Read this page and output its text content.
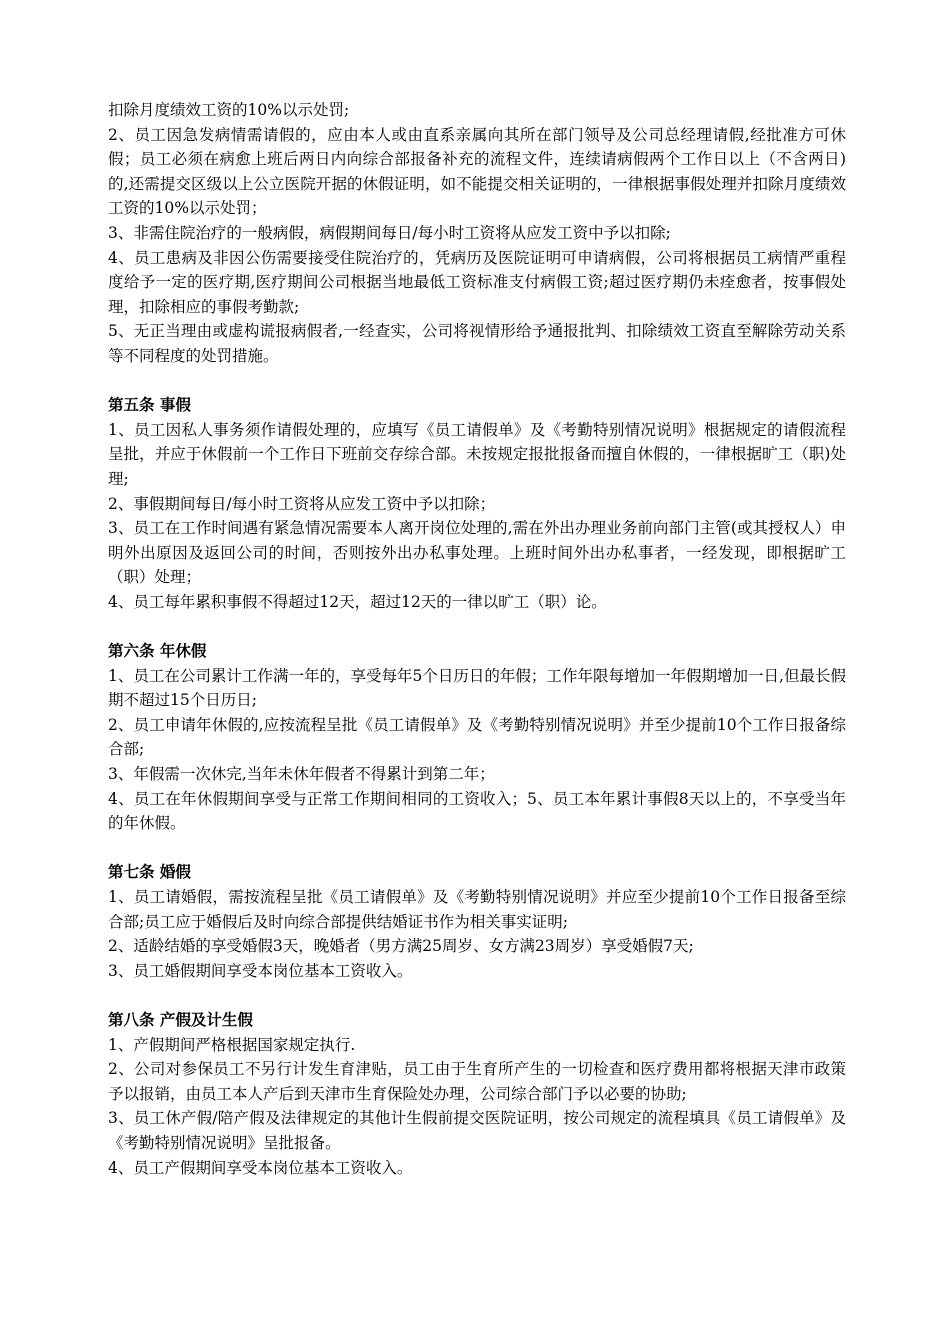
扣除月度绩效工资的10%以示处罚;

2、员工因急发病情需请假的，应由本人或由直系亲属向其所在部门领导及公司总经理请假,经批准方可休假；员工必须在病愈上班后两日内向综合部报备补充的流程文件，连续请病假两个工作日以上（不含两日)的,还需提交区级以上公立医院开据的休假证明，如不能提交相关证明的，一律根据事假处理并扣除月度绩效工资的10%以示处罚；

3、非需住院治疗的一般病假，病假期间每日/每小时工资将从应发工资中予以扣除;

4、员工患病及非因公伤需要接受住院治疗的，凭病历及医院证明可申请病假，公司将根据员工病情严重程度给予一定的医疗期,医疗期间公司根据当地最低工资标准支付病假工资;超过医疗期仍未痊愈者，按事假处理，扣除相应的事假考勤款;

5、无正当理由或虚构谎报病假者,一经查实，公司将视情形给予通报批判、扣除绩效工资直至解除劳动关系等不同程度的处罚措施。

第五条 事假

1、员工因私人事务须作请假处理的，应填写《员工请假单》及《考勤特别情况说明》根据规定的请假流程呈批，并应于休假前一个工作日下班前交存综合部。未按规定报批报备而擅自休假的，一律根据旷工（职)处理;

2、事假期间每日/每小时工资将从应发工资中予以扣除；

3、员工在工作时间遇有紧急情况需要本人离开岗位处理的,需在外出办理业务前向部门主管(或其授权人）申明外出原因及返回公司的时间，否则按外出办私事处理。上班时间外出办私事者，一经发现，即根据旷工（职）处理；

4、员工每年累积事假不得超过12天，超过12天的一律以旷工（职）论。

第六条 年休假

1、员工在公司累计工作满一年的，享受每年5个日历日的年假；工作年限每增加一年假期增加一日,但最长假期不超过15个日历日;

2、员工申请年休假的,应按流程呈批《员工请假单》及《考勤特别情况说明》并至少提前10个工作日报备综合部;

3、年假需一次休完,当年未休年假者不得累计到第二年；

4、员工在年休假期间享受与正常工作期间相同的工资收入；5、员工本年累计事假8天以上的，不享受当年的年休假。

第七条 婚假

1、员工请婚假，需按流程呈批《员工请假单》及《考勤特别情况说明》并应至少提前10个工作日报备至综合部;员工应于婚假后及时向综合部提供结婚证书作为相关事实证明;

2、适龄结婚的享受婚假3天，晚婚者（男方满25周岁、女方满23周岁）享受婚假7天;

3、员工婚假期间享受本岗位基本工资收入。

第八条 产假及计生假

1、产假期间严格根据国家规定执行.

2、公司对参保员工不另行计发生育津贴，员工由于生育所产生的一切检查和医疗费用都将根据天津市政策予以报销，由员工本人产后到天津市生育保险处办理，公司综合部门予以必要的协助;

3、员工休产假/陪产假及法律规定的其他计生假前提交医院证明，按公司规定的流程填具《员工请假单》及《考勤特别情况说明》呈批报备。

4、员工产假期间享受本岗位基本工资收入。
